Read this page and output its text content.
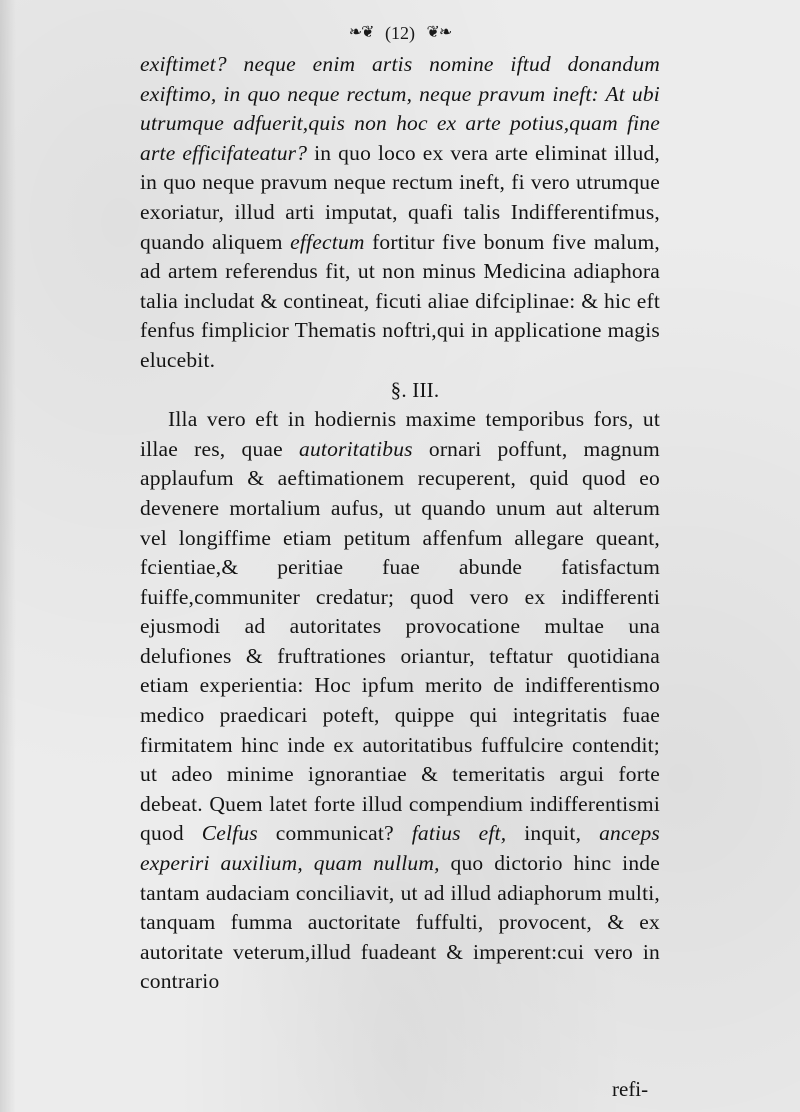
❧❦ (12) ❦❧

exiftimet? neque enim artis nomine iftud donandum exiftimo, in quo neque rectum, neque pravum ineft: At ubi utrumque adfuerit,quis non hoc ex arte potius,quam fine arte efficifateatur? in quo loco ex vera arte eliminat illud, in quo neque pravum neque rectum ineft, fi vero utrumque exoriatur, illud arti imputat, quafi talis Indifferentifmus, quando aliquem effectum fortitur five bonum five malum, ad artem referendus fit, ut non minus Medicina adiaphora talia includat & contineat, ficuti aliae difciplinae: & hic eft fenfus fimplicior Thematis noftri,qui in applicatione magis elucebit.

§. III.

Illa vero eft in hodiernis maxime temporibus fors, ut illae res, quae autoritatibus ornari poffunt, magnum applaufum & aeftimationem recuperent, quid quod eo devenere mortalium aufus, ut quando unum aut alterum vel longiffime etiam petitum affenfum allegare queant, fcientiae,& peritiae fuae abunde fatisfactum fuiffe,communiter credatur; quod vero ex indifferenti ejusmodi ad autoritates provocatione multae una delufiones & fruftrationes oriantur, teftatur quotidiana etiam experientia: Hoc ipfum merito de indifferentismo medico praedicari poteft, quippe qui integritatis fuae firmitatem hinc inde ex autoritatibus fuffulcire contendit; ut adeo minime ignorantiae & temeritatis argui forte debeat. Quem latet forte illud compendium indifferentismi quod Celfus communicat? fatius eft, inquit, anceps experiri auxilium, quam nullum, quo dictorio hinc inde tantam audaciam conciliavit, ut ad illud adiaphorum multi, tanquam fumma auctoritate fuffulti, provocent, & ex autoritate veterum,illud fuadeant & imperent:cui vero in contrario

refi-
